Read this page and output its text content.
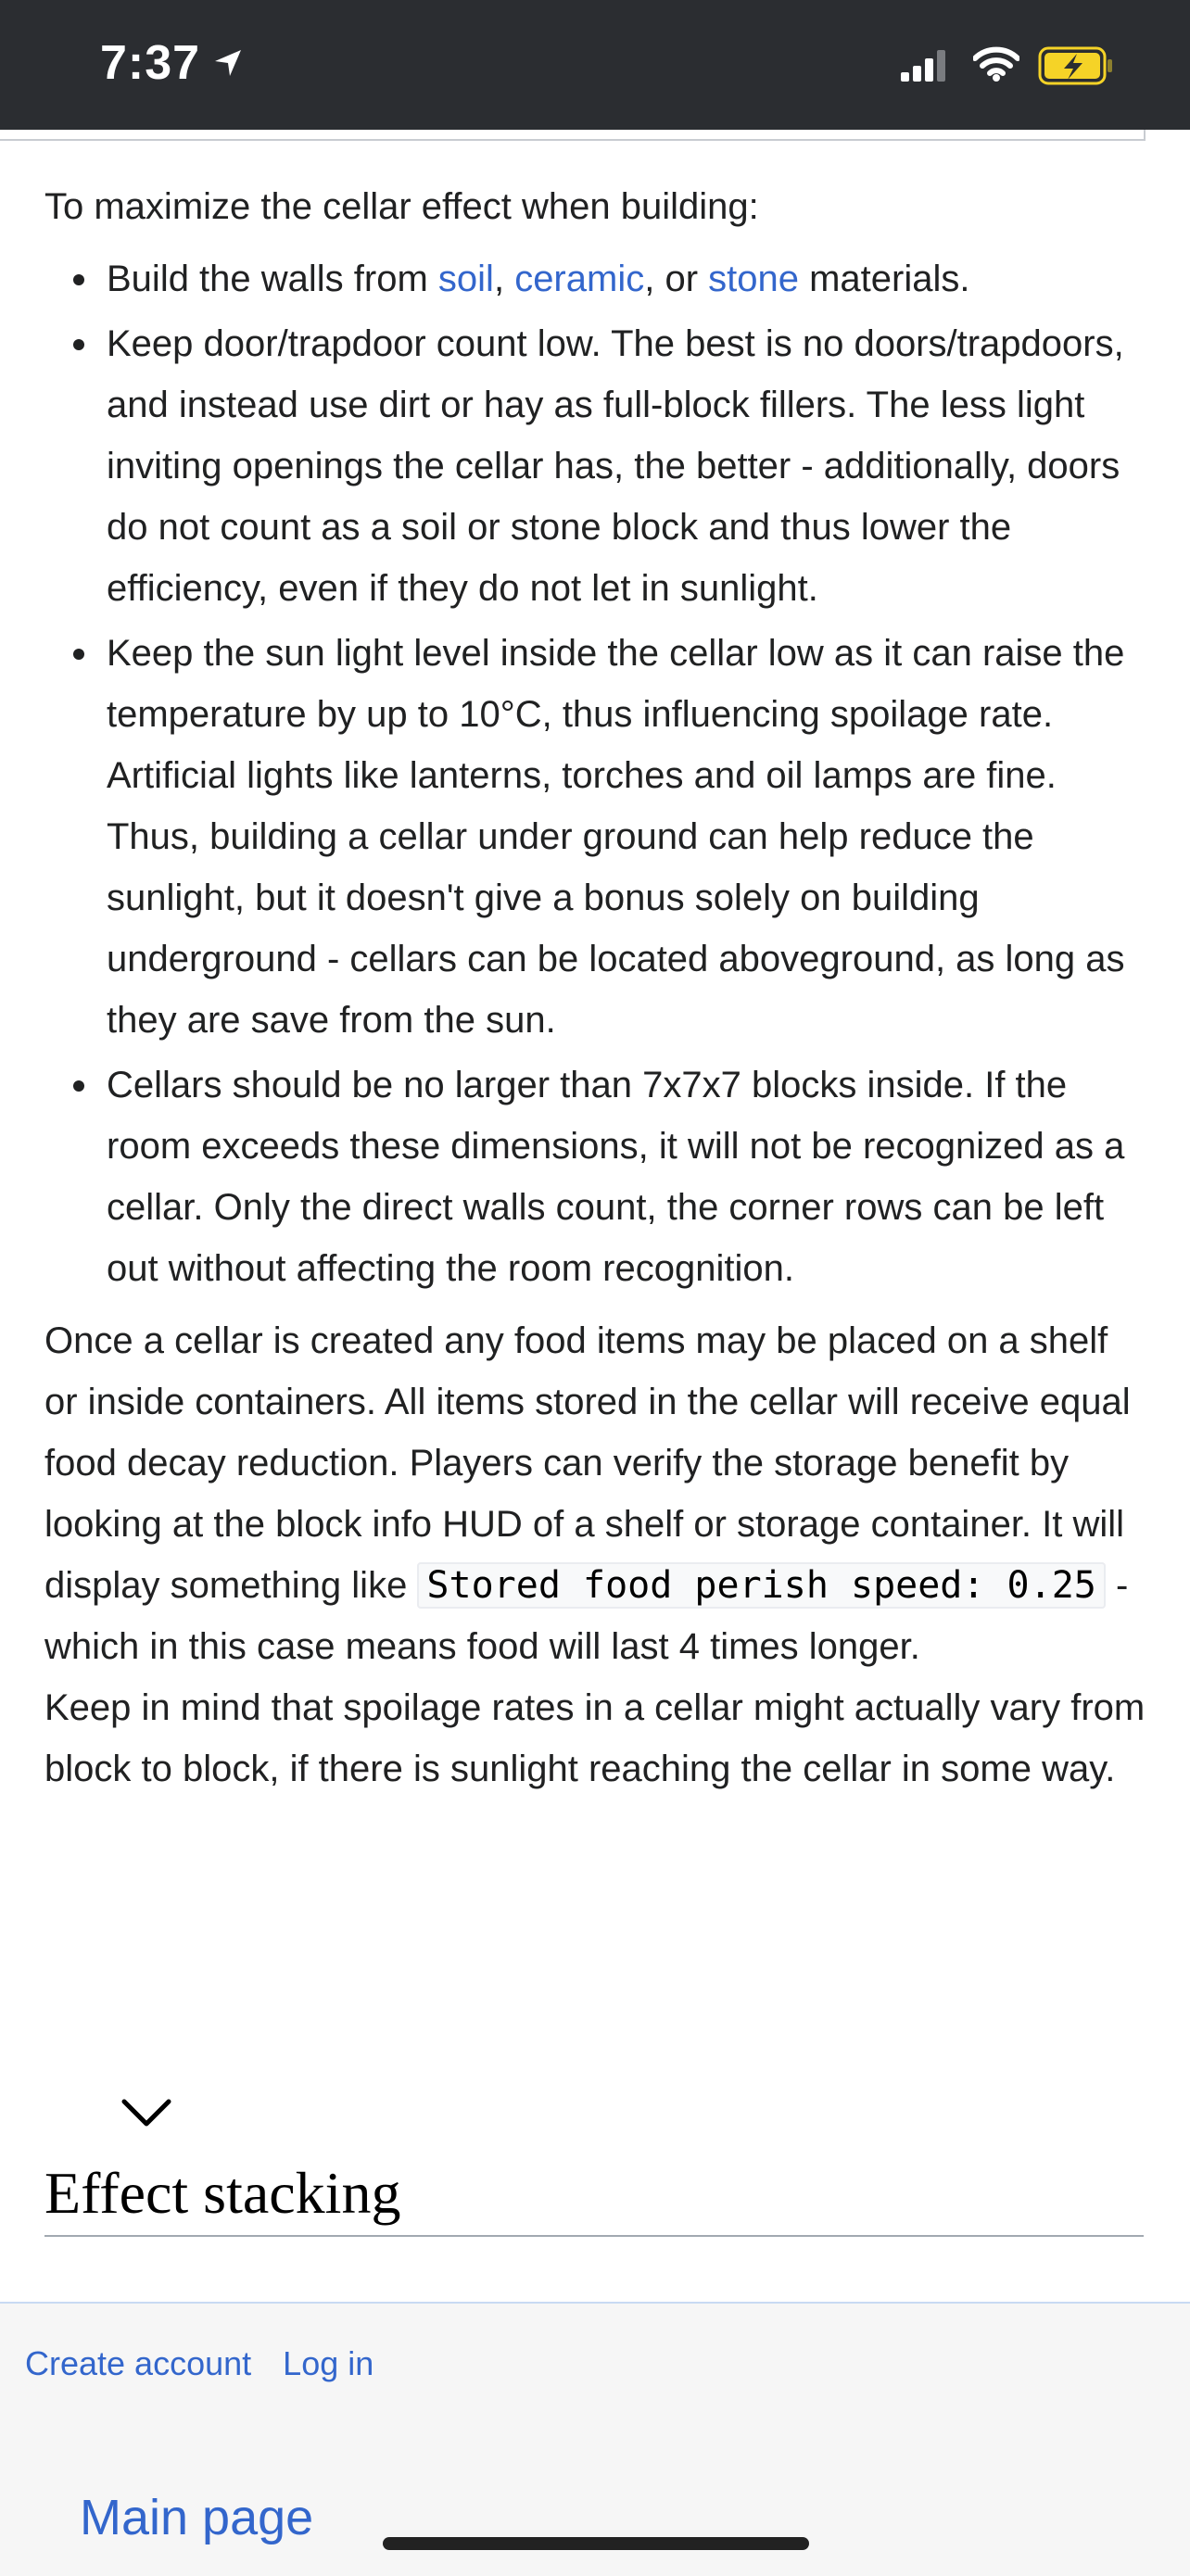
7:37

To maximize the cellar effect when building:

Build the walls from soil, ceramic, or stone materials.
Keep door/trapdoor count low. The best is no doors/trapdoors, and instead use dirt or hay as full-block fillers. The less light inviting openings the cellar has, the better - additionally, doors do not count as a soil or stone block and thus lower the efficiency, even if they do not let in sunlight.
Keep the sun light level inside the cellar low as it can raise the temperature by up to 10°C, thus influencing spoilage rate. Artificial lights like lanterns, torches and oil lamps are fine. Thus, building a cellar under ground can help reduce the sunlight, but it doesn't give a bonus solely on building underground - cellars can be located aboveground, as long as they are save from the sun.
Cellars should be no larger than 7x7x7 blocks inside. If the room exceeds these dimensions, it will not be recognized as a cellar. Only the direct walls count, the corner rows can be left out without affecting the room recognition.

Once a cellar is created any food items may be placed on a shelf or inside containers. All items stored in the cellar will receive equal food decay reduction. Players can verify the storage benefit by looking at the block info HUD of a shelf or storage container. It will display something like Stored food perish speed: 0.25 - which in this case means food will last 4 times longer.

Keep in mind that spoilage rates in a cellar might actually vary from block to block, if there is sunlight reaching the cellar in some way.

Effect stacking
Create account Log in
Main page
